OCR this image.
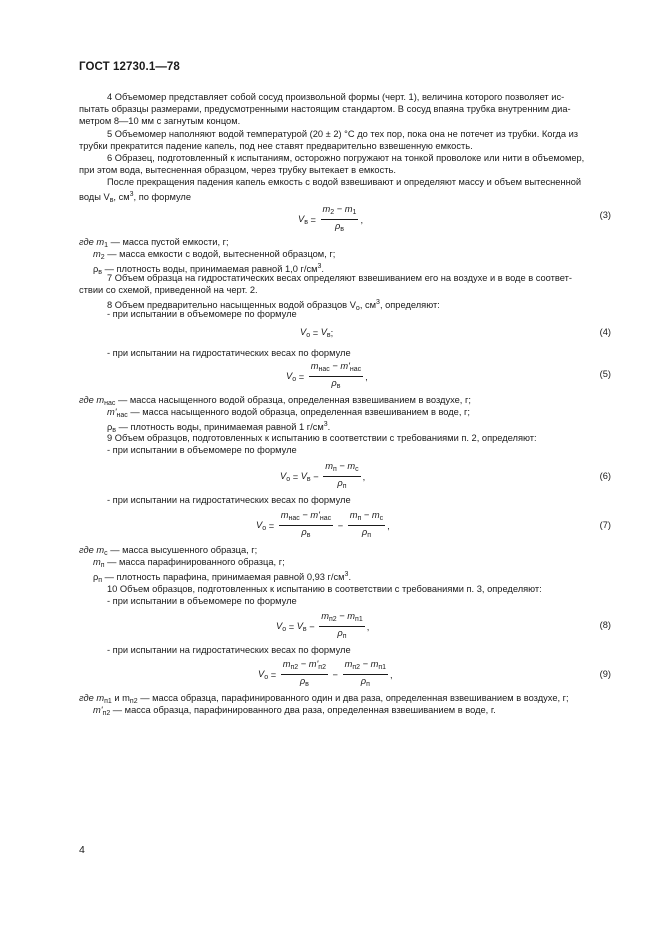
ГОСТ 12730.1—78
4 Объемомер представляет собой сосуд произвольной формы (черт. 1), величина которого позволяет ис-
пытать образцы размерами, предусмотренными настоящим стандартом. В сосуд впаяна трубка внутренним диа-
метром 8—10 мм с загнутым концом.
5 Объемомер наполняют водой температурой (20 ± 2) °С до тех пор, пока она не потечет из трубки. Когда из
трубки прекратится падение капель, под нее ставят предварительно взвешенную емкость.
6 Образец, подготовленный к испытаниям, осторожно погружают на тонкой проволоке или нити в объемомер,
при этом вода, вытесненная образцом, через трубку вытекает в емкость.
После прекращения падения капель емкость с водой взвешивают и определяют массу и объем вытесненной
воды $V_в$, $см^3$, по формуле
$V_в = \frac{m_2 - m_1}{\rho_в}$ ,	(3)
где $m_1$ — масса пустой емкости, г;
$m_2$ — масса емкости с водой, вытесненной образцом, г;
$\rho_в$ — плотность воды, принимаемая равной 1,0 $г/см^3$.
7 Объем образца на гидростатических весах определяют взвешиванием его на воздухе и в воде в соответ-
ствии со схемой, приведенной на черт. 2.
8 Объем предварительно насыщенных водой образцов $V_о$, $см^3$, определяют:
- при испытании в объемомере по формуле
$V_о = V_в$ ;	(4)
- при испытании на гидростатических весах по формуле
$V_о = \frac{m_{нас} - m'_{нас}}{\rho_в}$ ,	(5)
где $m_{нас}$ — масса насыщенного водой образца, определенная взвешиванием в воздухе, г;
$m'_{нас}$ — масса насыщенного водой образца, определенная взвешиванием в воде, г;
$\rho_в$ — плотность воды, принимаемая равной 1 $г/см^3$.
9 Объем образцов, подготовленных к испытанию в соответствии с требованиями п. 2, определяют:
- при испытании в объемомере по формуле
$V_о = V_в - \frac{m_п - m_с}{\rho_п}$ ,	(6)
- при испытании на гидростатических весах по формуле
$V_о = \frac{m_{нас} - m'_{нас}}{\rho_в} - \frac{m_п - m_с}{\rho_п}$ ,	(7)
где $m_с$ — масса высушенного образца, г;
$m_п$ — масса парафинированного образца, г;
$\rho_п$ — плотность парафина, принимаемая равной 0,93 $г/см^3$.
10 Объем образцов, подготовленных к испытанию в соответствии с требованиями п. 3, определяют:
- при испытании в объемомере по формуле
$V_о = V_в - \frac{m_{п2} - m_{п1}}{\rho_п}$ ,	(8)
- при испытании на гидростатических весах по формуле
$V_о = \frac{m_{п2} - m'_{п2}}{\rho_в} - \frac{m_{п2} - m_{п1}}{\rho_п}$ ,	(9)
где $m_{п1}$ и $m_{п2}$ — масса образца, парафинированного один и два раза, определенная взвешиванием в воздухе, г;
$m'_{п2}$ — масса образца, парафинированного два раза, определенная взвешиванием в воде, г.
4
